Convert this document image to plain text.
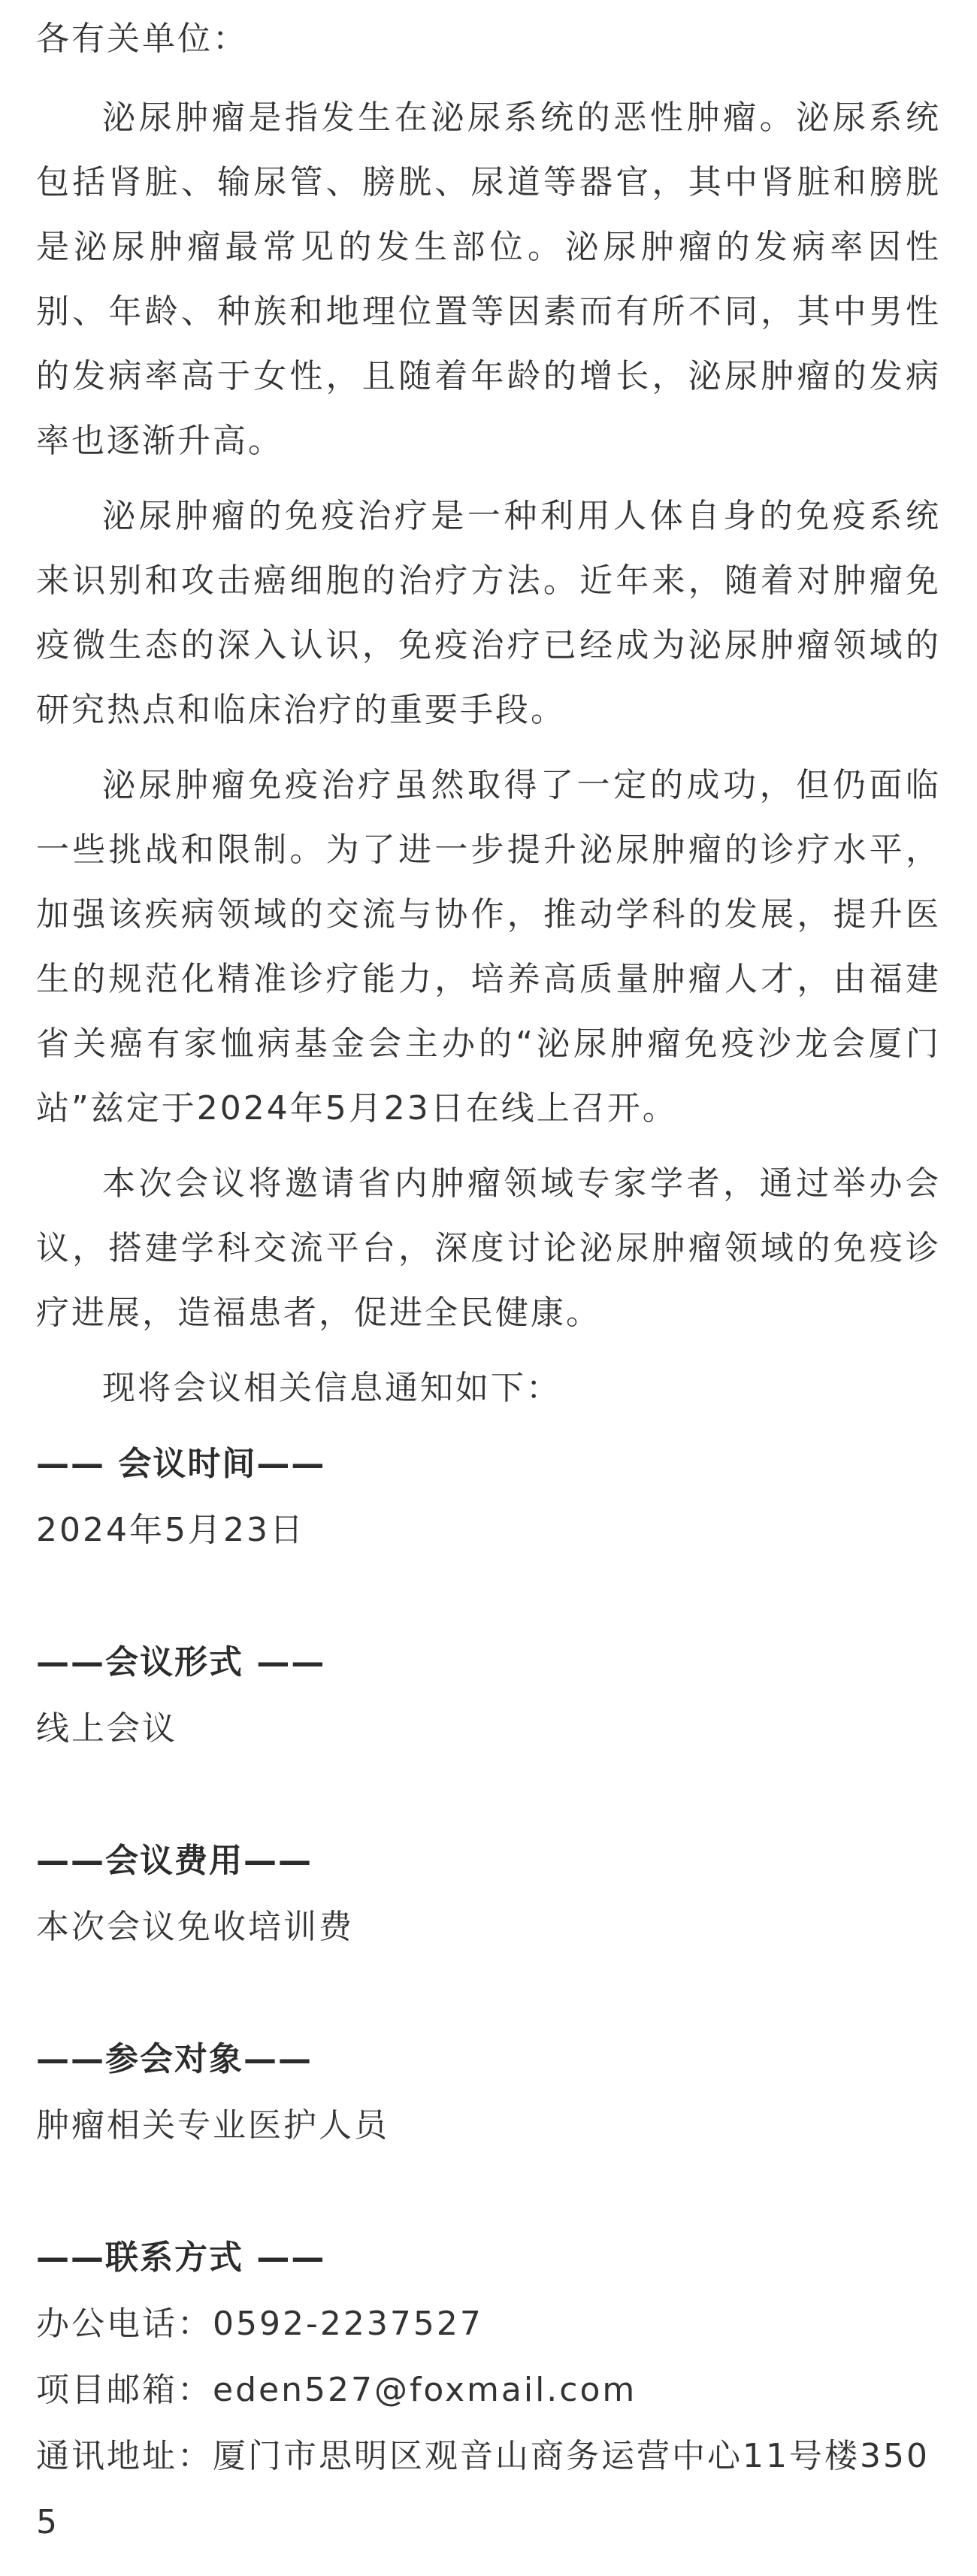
各有关单位：

泌尿肿瘤是指发生在泌尿系统的恶性肿瘤。泌尿系统包括肾脏、输尿管、膀胱、尿道等器官，其中肾脏和膀胱是泌尿肿瘤最常见的发生部位。泌尿肿瘤的发病率因性别、年龄、种族和地理位置等因素而有所不同，其中男性的发病率高于女性，且随着年龄的增长，泌尿肿瘤的发病率也逐渐升高。

泌尿肿瘤的免疫治疗是一种利用人体自身的免疫系统来识别和攻击癌细胞的治疗方法。近年来，随着对肿瘤免疫微生态的深入认识，免疫治疗已经成为泌尿肿瘤领域的研究热点和临床治疗的重要手段。

泌尿肿瘤免疫治疗虽然取得了一定的成功，但仍面临一些挑战和限制。为了进一步提升泌尿肿瘤的诊疗水平，加强该疾病领域的交流与协作，推动学科的发展，提升医生的规范化精准诊疗能力，培养高质量肿瘤人才，由福建省关癌有家恤病基金会主办的“泌尿肿瘤免疫沙龙会厦门站”兹定于2024年5月23日在线上召开。

本次会议将邀请省内肿瘤领域专家学者，通过举办会议，搭建学科交流平台，深度讨论泌尿肿瘤领域的免疫诊疗进展，造福患者，促进全民健康。

现将会议相关信息通知如下：

—— 会议时间——

2024年5月23日

——会议形式 ——

线上会议

——会议费用——

本次会议免收培训费

——参会对象——

肿瘤相关专业医护人员

——联系方式 ——

办公电话：0592-2237527

项目邮箱：eden527@foxmail.com

通讯地址：厦门市思明区观音山商务运营中心11号楼3505
